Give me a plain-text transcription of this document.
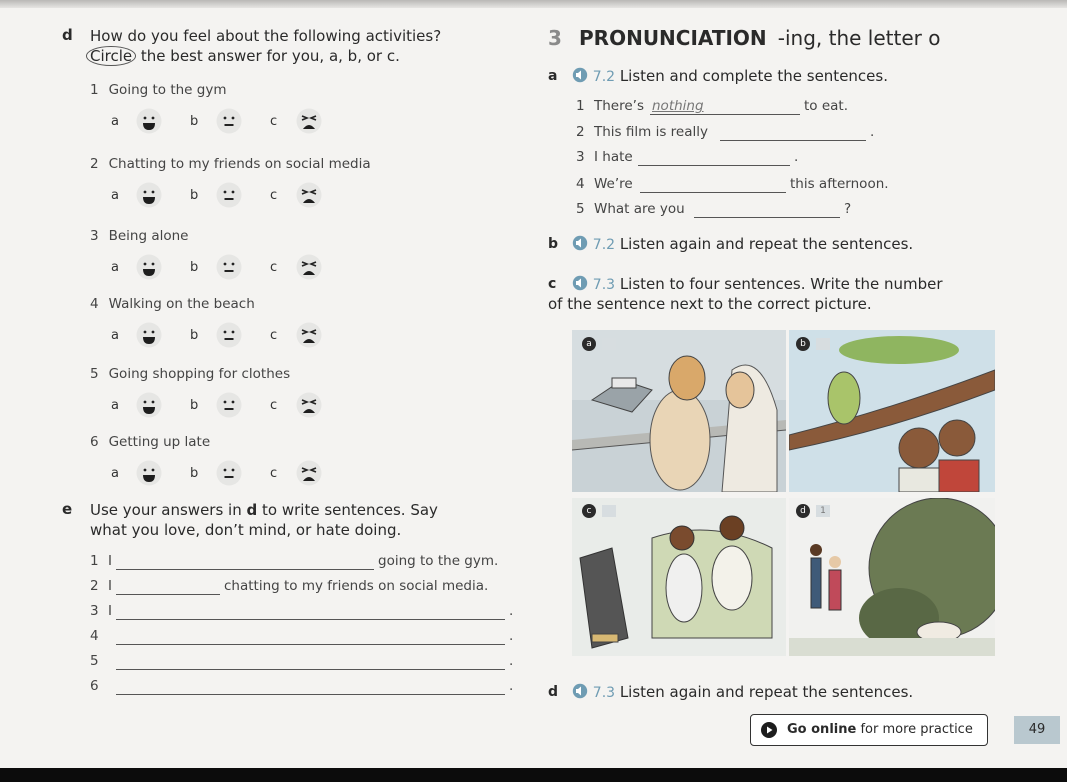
d How do you feel about the following activities?
Circle the best answer for you, a, b, or c.
1 Going to the gym
a	b	c
2 Chatting to my friends on social media
a	b	c
3 Being alone
a	b	c
4 Walking on the beach
a	b	c
5 Going shopping for clothes
a	b	c
6 Getting up late
a	b	c
e Use your answers in d to write sentences. Say
what you love, don’t mind, or hate doing.
1 I	going to the gym.
2 I	chatting to my friends on social media.
3 I	.
4	.
5	.
6	.
3 PRONUNCIATION -ing, the letter o
a	7.2 Listen and complete the sentences.
1 There’s nothing	to eat.
2 This film is really	.
3 I hate	.
4 We’re	this afternoon.
5 What are you	?
b	7.2 Listen again and repeat the sentences.
c	7.3 Listen to four sentences. Write the number
of the sentence next to the correct picture.
a	b
c	d	1
d	7.3 Listen again and repeat the sentences.
Go online for more practice	49
